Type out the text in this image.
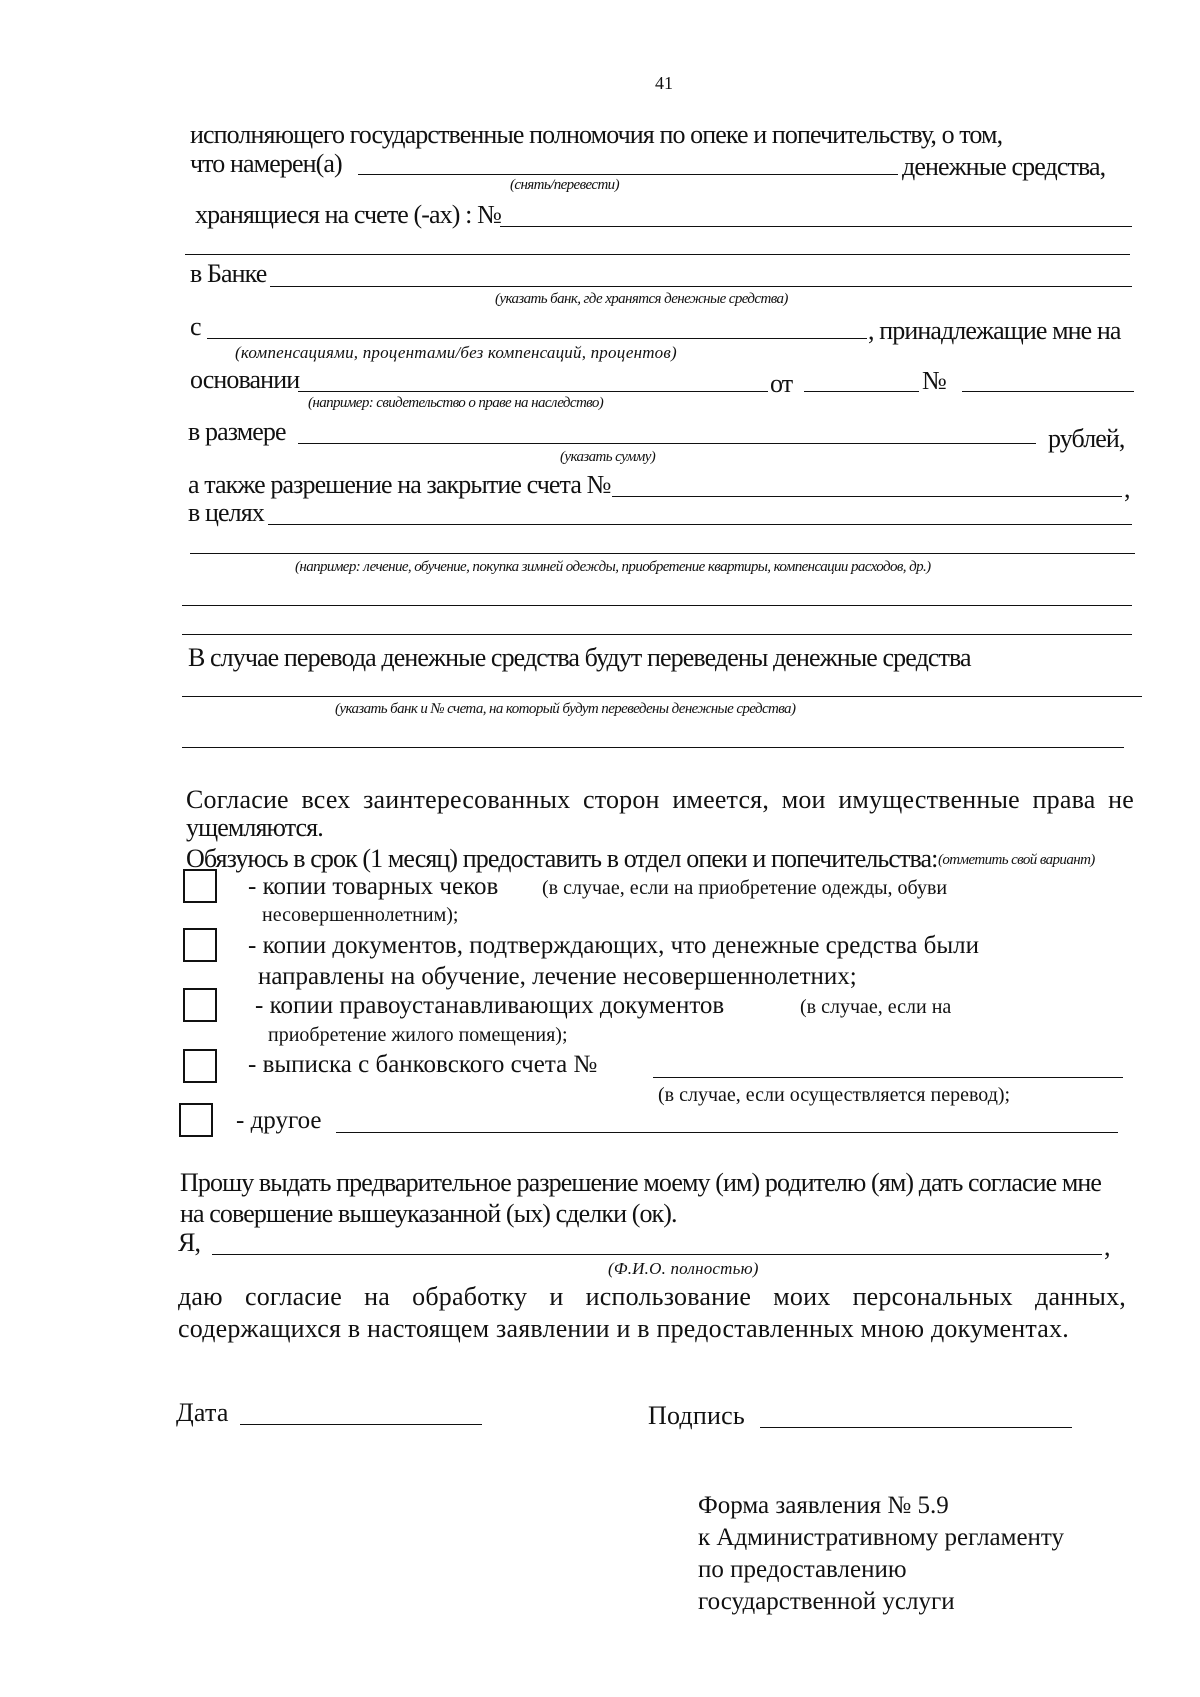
41
исполняющего государственные полномочия по опеке и попечительству, о том,
что намерен(а)	денежные средства,
(снять/перевести)
хранящиеся на счете (-ах) : №
в Банке
(указать банк, где хранятся денежные средства)
с	, принадлежащие мне на
(компенсациями, процентами/без компенсаций, процентов)
основании	от	№
(например: свидетельство о праве на наследство)
в размере	рублей,
(указать сумму)
а также разрешение на закрытие счета №	,
в целях
(например: лечение, обучение, покупка зимней одежды, приобретение квартиры, компенсации расходов, др.)
В случае перевода денежные средства будут переведены денежные средства
(указать банк и № счета, на который будут переведены денежные средства)
Согласие всех заинтересованных сторон имеется, мои имущественные права не
ущемляются.
Обязуюсь в срок (1 месяц) предоставить в отдел опеки и попечительства: (отметить свой вариант)
- копии товарных чеков (в случае, если на приобретение одежды, обуви
несовершеннолетним);
- копии документов, подтверждающих, что денежные средства были
направлены на обучение, лечение несовершеннолетних;
- копии правоустанавливающих документов	(в случае, если на
приобретение жилого помещения);
- выписка с банковского счета №
(в случае, если осуществляется перевод);
- другое
Прошу выдать предварительное разрешение моему (им) родителю (ям) дать согласие мне
на совершение вышеуказанной (ых) сделки (ок).
Я,	,
(Ф.И.О. полностью)
даю согласие на обработку и использование моих персональных данных,
содержащихся в настоящем заявлении и в предоставленных мною документах.
Дата	Подпись
Форма заявления № 5.9
к Административному регламенту
по предоставлению
государственной услуги
